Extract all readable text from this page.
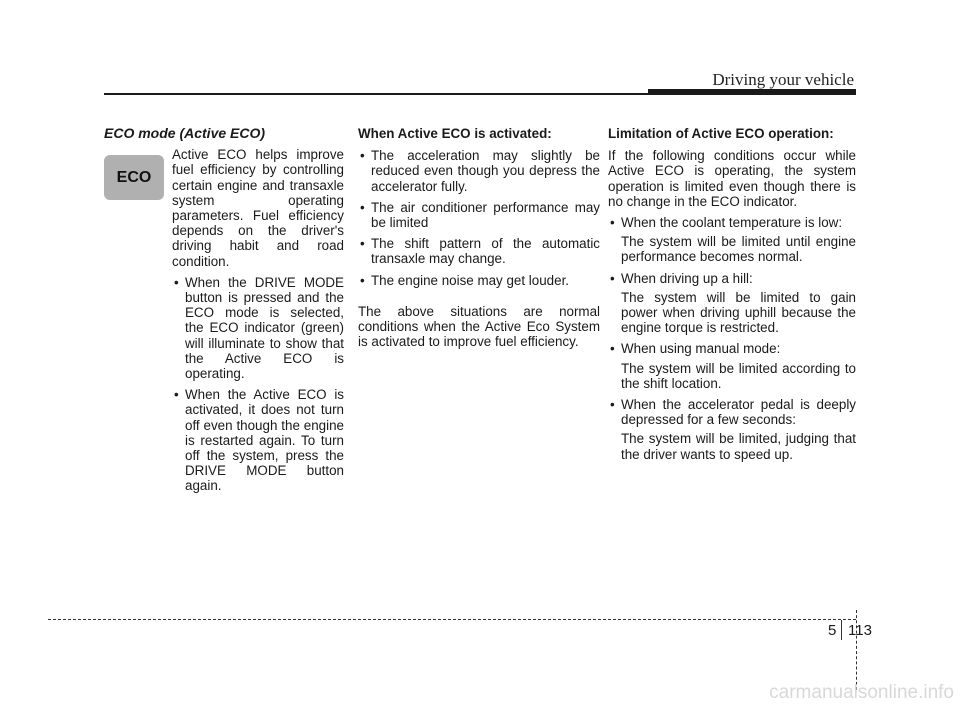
Driving your vehicle
ECO mode (Active ECO)

Active ECO helps improve fuel efficiency by controlling certain engine and transaxle system operating parameters. Fuel efficiency depends on the driver's driving habit and road condition.

• When the DRIVE MODE button is pressed and the ECO mode is selected, the ECO indicator (green) will illuminate to show that the Active ECO is operating.
• When the Active ECO is activated, it does not turn off even though the engine is restarted again. To turn off the system, press the DRIVE MODE button again.
ECO
When Active ECO is activated:
• The acceleration may slightly be reduced even though you depress the accelerator fully.
• The air conditioner performance may be limited
• The shift pattern of the automatic transaxle may change.
• The engine noise may get louder.

The above situations are normal conditions when the Active Eco System is activated to improve fuel efficiency.

Limitation of Active ECO operation:

If the following conditions occur while Active ECO is operating, the system operation is limited even though there is no change in the ECO indicator.

• When the coolant temperature is low:
The system will be limited until engine performance becomes normal.
• When driving up a hill:
The system will be limited to gain power when driving uphill because the engine torque is restricted.
• When using manual mode:
The system will be limited according to the shift location.
• When the accelerator pedal is deeply depressed for a few seconds:
The system will be limited, judging that the driver wants to speed up.
5 113
carmanualsonline.info
